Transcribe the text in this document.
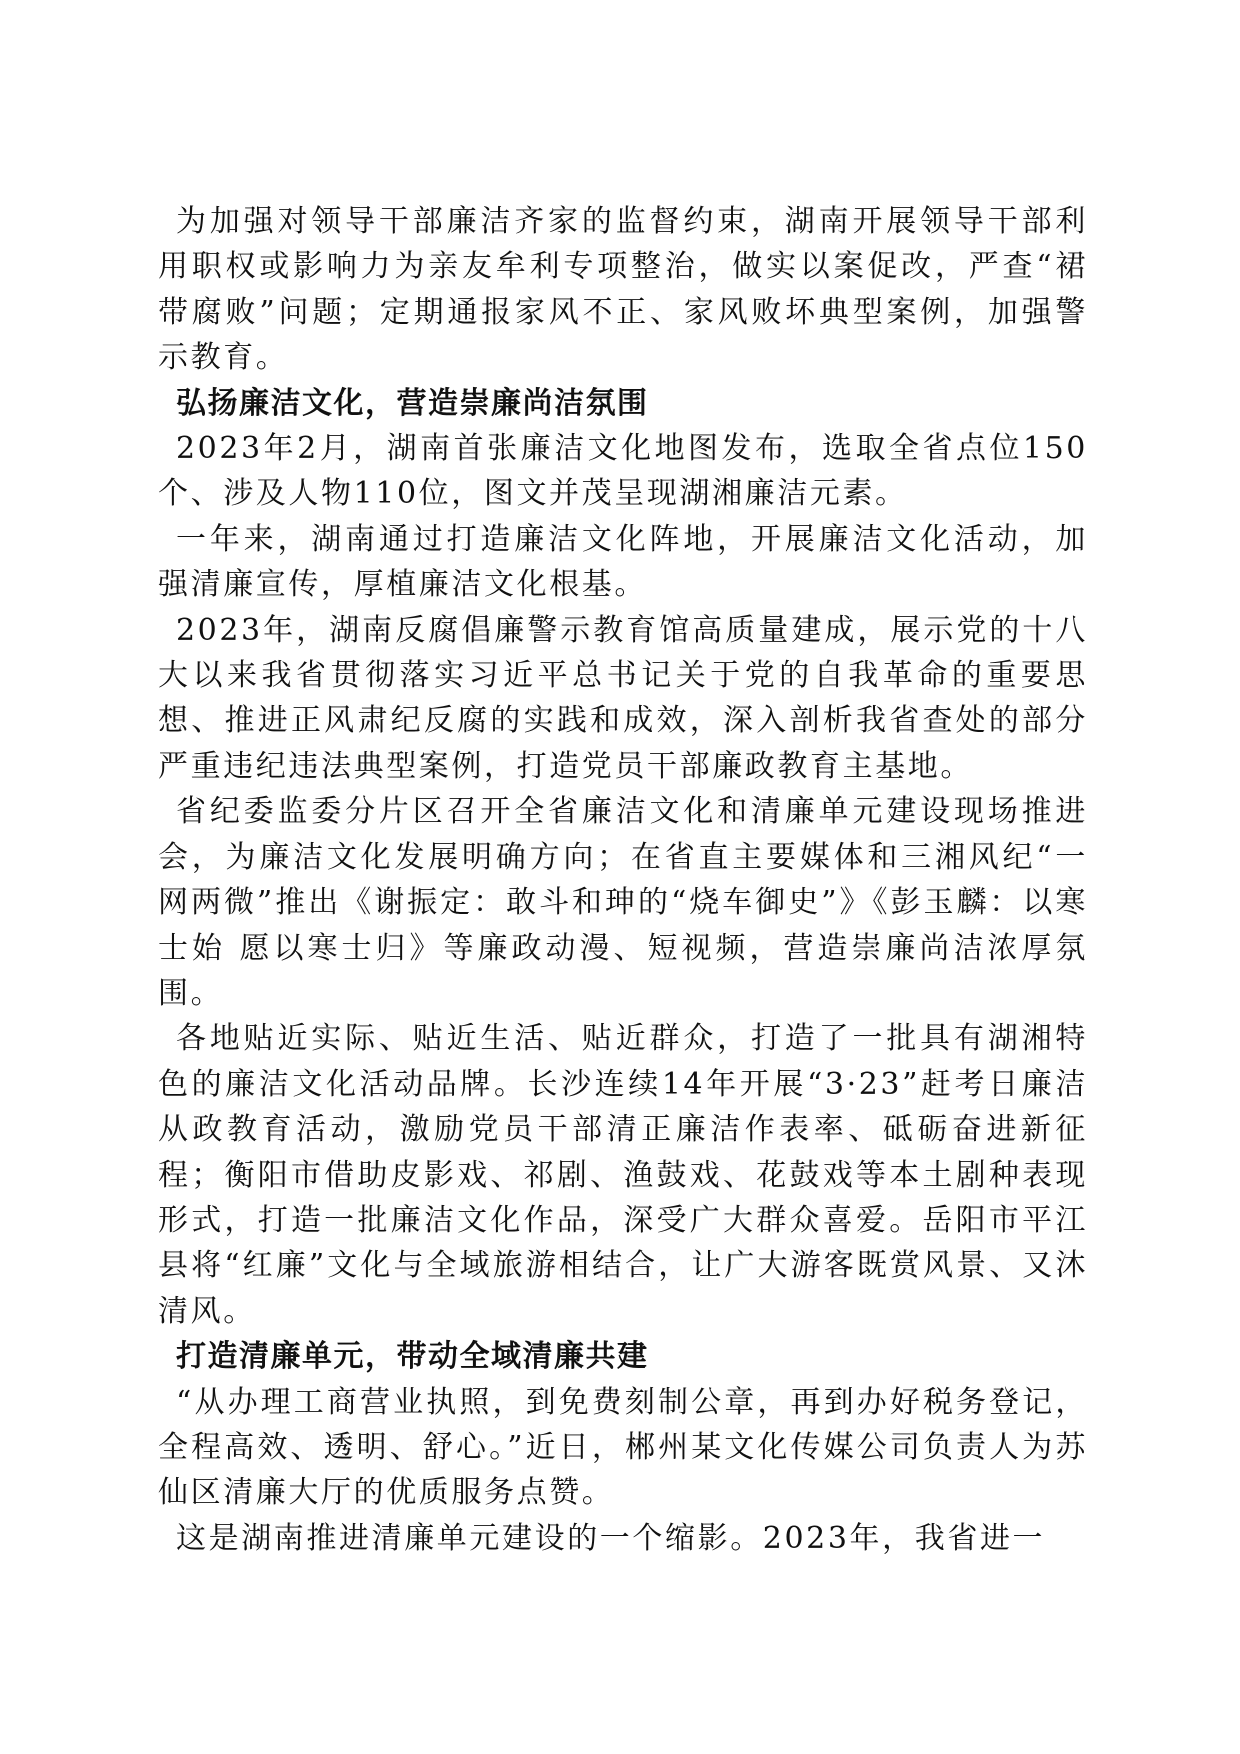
为加强对领导干部廉洁齐家的监督约束，湖南开展领导干部利用职权或影响力为亲友牟利专项整治，做实以案促改，严查“裙带腐败”问题；定期通报家风不正、家风败坏典型案例，加强警示教育。

弘扬廉洁文化，营造崇廉尚洁氛围

2023年2月，湖南首张廉洁文化地图发布，选取全省点位150个、涉及人物110位，图文并茂呈现湖湘廉洁元素。

一年来，湖南通过打造廉洁文化阵地，开展廉洁文化活动，加强清廉宣传，厚植廉洁文化根基。

2023年，湖南反腐倡廉警示教育馆高质量建成，展示党的十八大以来我省贯彻落实习近平总书记关于党的自我革命的重要思想、推进正风肃纪反腐的实践和成效，深入剖析我省查处的部分严重违纪违法典型案例，打造党员干部廉政教育主基地。

省纪委监委分片区召开全省廉洁文化和清廉单元建设现场推进会，为廉洁文化发展明确方向；在省直主要媒体和三湘风纪“一网两微”推出《谢振定：敢斗和珅的“烧车御史”》《彭玉麟：以寒士始 愿以寒士归》等廉政动漫、短视频，营造崇廉尚洁浓厚氛围。

各地贴近实际、贴近生活、贴近群众，打造了一批具有湖湘特色的廉洁文化活动品牌。长沙连续14年开展“3·23”赶考日廉洁从政教育活动，激励党员干部清正廉洁作表率、砥砺奋进新征程；衡阳市借助皮影戏、祁剧、渔鼓戏、花鼓戏等本土剧种表现形式，打造一批廉洁文化作品，深受广大群众喜爱。岳阳市平江县将“红廉”文化与全域旅游相结合，让广大游客既赏风景、又沐清风。

打造清廉单元，带动全域清廉共建

“从办理工商营业执照，到免费刻制公章，再到办好税务登记，全程高效、透明、舒心。”近日，郴州某文化传媒公司负责人为苏仙区清廉大厅的优质服务点赞。

这是湖南推进清廉单元建设的一个缩影。2023年，我省进一
